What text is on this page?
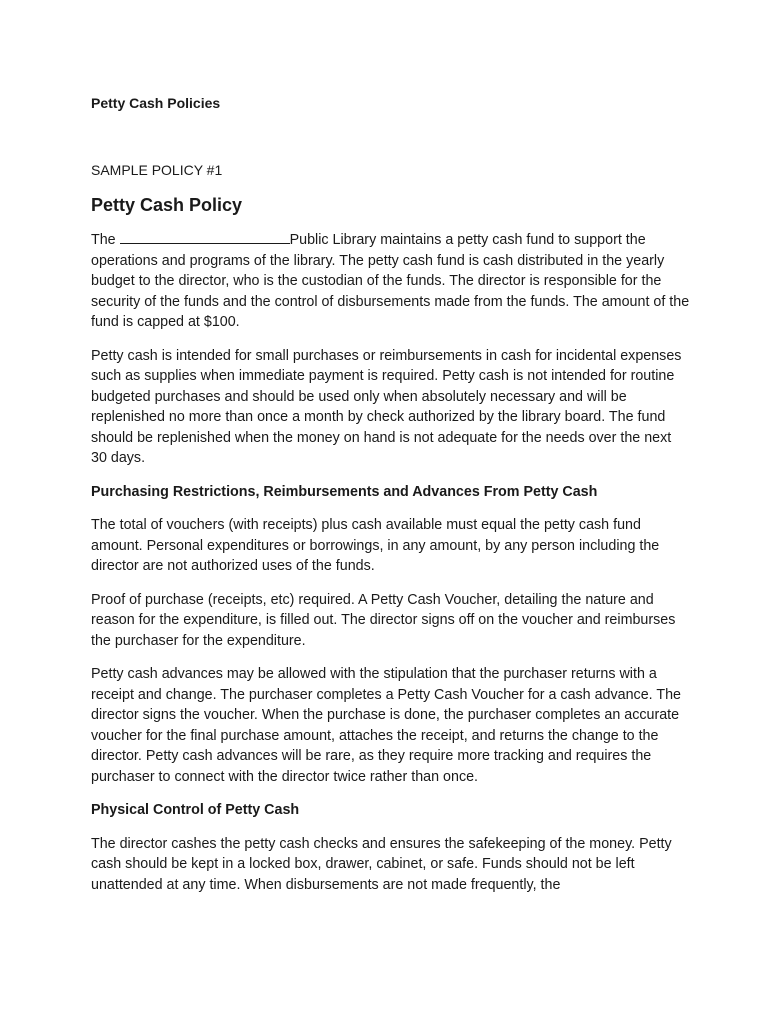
Petty Cash Policies

SAMPLE POLICY #1

Petty Cash Policy

The	Public Library maintains a petty cash fund to support the operations and programs of the library. The petty cash fund is cash distributed in the yearly budget to the director, who is the custodian of the funds. The director is responsible for the security of the funds and the control of disbursements made from the funds. The amount of the fund is capped at $100.

Petty cash is intended for small purchases or reimbursements in cash for incidental expenses such as supplies when immediate payment is required. Petty cash is not intended for routine budgeted purchases and should be used only when absolutely necessary and will be replenished no more than once a month by check authorized by the library board. The fund should be replenished when the money on hand is not adequate for the needs over the next 30 days.

Purchasing Restrictions, Reimbursements and Advances From Petty Cash

The total of vouchers (with receipts) plus cash available must equal the petty cash fund amount. Personal expenditures or borrowings, in any amount, by any person including the director are not authorized uses of the funds.

Proof of purchase (receipts, etc) required. A Petty Cash Voucher, detailing the nature and reason for the expenditure, is filled out. The director signs off on the voucher and reimburses the purchaser for the expenditure.

Petty cash advances may be allowed with the stipulation that the purchaser returns with a receipt and change. The purchaser completes a Petty Cash Voucher for a cash advance. The director signs the voucher. When the purchase is done, the purchaser completes an accurate voucher for the final purchase amount, attaches the receipt, and returns the change to the director. Petty cash advances will be rare, as they require more tracking and requires the purchaser to connect with the director twice rather than once.

Physical Control of Petty Cash

The director cashes the petty cash checks and ensures the safekeeping of the money. Petty cash should be kept in a locked box, drawer, cabinet, or safe. Funds should not be left unattended at any time. When disbursements are not made frequently, the
